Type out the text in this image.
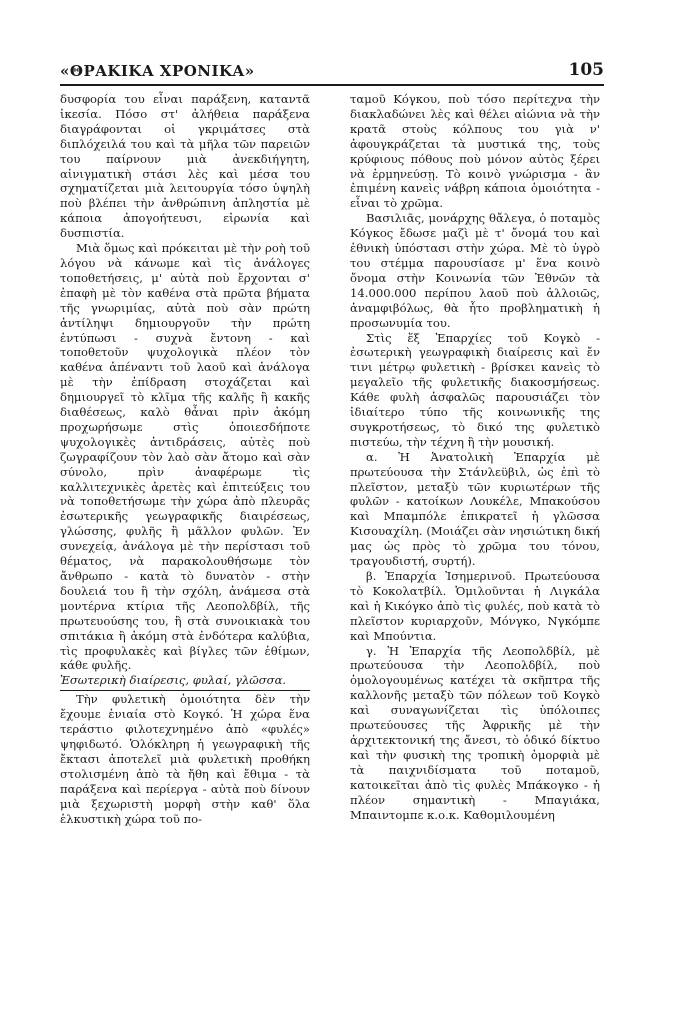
«ΘΡΑΚΙΚΑ ΧΡΟΝΙΚΑ»	105

δυσφορία του εἶναι παράξενη, καταντᾶ ἱκεσία. Πόσο στ' ἀλήθεια παράξενα διαγράφονται οἱ γκριμάτσες στὰ διπλόχειλά του καὶ τὰ μῆλα τῶν παρειῶν του παίρνουν μιὰ ἀνεκδιήγητη, αἰνιγματικὴ στάσι λὲς καὶ μέσα του σχηματίζεται μιὰ λειτουργία τόσο ὑψηλὴ ποὺ βλέπει τὴν ἀνθρώπινη ἀπληστία μὲ κάποια ἀπογοήτευσι, εἰρωνία καὶ δυσπιστία.

Μιὰ ὅμως καὶ πρόκειται μὲ τὴν ροὴ τοῦ λόγου νὰ κάνωμε καὶ τὶς ἀνάλογες τοποθετήσεις, μ' αὐτὰ ποὺ ἔρχονται σ' ἐπαφὴ μὲ τὸν καθένα στὰ πρῶτα βήματα τῆς γνωριμίας, αὐτὰ ποὺ σὰν πρώτη ἀντίληψι δημιουργοῦν τὴν πρώτη ἐντύπωσι - συχνὰ ἔντονη - καὶ τοποθετοῦν ψυχολογικὰ πλέον τὸν καθένα ἀπέναντι τοῦ λαοῦ καὶ ἀνάλογα μὲ τὴν ἐπίδραση στοχάζεται καὶ δημιουργεῖ τὸ κλῖμα τῆς καλῆς ἢ κακῆς διαθέσεως, καλὸ θἆναι πρὶν ἀκόμη προχωρήσωμε στὶς ὁποιεσδήποτε ψυχολογικὲς ἀντιδράσεις, αὐτὲς ποὺ ζωγραφίζουν τὸν λαὸ σὰν ἄτομο καὶ σὰν σύνολο, πρὶν ἀναφέρωμε τὶς καλλιτεχνικὲς ἀρετὲς καὶ ἐπιτεύξεις του νὰ τοποθετήσωμε τὴν χώρα ἀπὸ πλευρᾶς ἐσωτερικῆς γεωγραφικῆς διαιρέσεως, γλώσσης, φυλῆς ἢ μᾶλλον φυλῶν. Ἐν συνεχείᾳ, ἀνάλογα μὲ τὴν περίστασι τοῦ θέματος, νὰ παρακολουθήσωμε τὸν ἄνθρωπο - κατὰ τὸ δυνατὸν - στὴν δουλειά του ἢ τὴν σχόλη, ἀνάμεσα στὰ μοντέρνα κτίρια τῆς Λεοπολδβίλ, τῆς πρωτευούσης του, ἢ στὰ συνοικιακὰ του σπιτάκια ἢ ἀκόμη στὰ ἐνδότερα καλύβια, τὶς προφυλακὲς καὶ βίγλες τῶν ἐθίμων, κάθε φυλῆς.

Ἐσωτερικὴ διαίρεσις, φυλαί, γλῶσσα.

Τὴν φυλετικὴ ὁμοιότητα δὲν τὴν ἔχουμε ἑνιαία στὸ Κογκό. Ἡ χώρα ἕνα τεράστιο φιλοτεχνημένο ἀπὸ «φυλές» ψηφιδωτό. Ὁλόκληρη ἡ γεωγραφικὴ τῆς ἔκτασι ἀποτελεῖ μιὰ φυλετικὴ προθήκη στολισμένη ἀπὸ τὰ ἤθη καὶ ἔθιμα - τὰ παράξενα καὶ περίεργα - αὐτὰ ποὺ δίνουν μιὰ ξεχωριστὴ μορφὴ στὴν καθ' ὅλα ἑλκυστικὴ χώρα τοῦ πο-

ταμοῦ Κόγκου, ποὺ τόσο περίτεχνα τὴν διακλαδώνει λὲς καὶ θέλει αἰώνια νὰ τὴν κρατᾶ στοὺς κόλπους του γιὰ ν' ἀφουγκράζεται τὰ μυστικά της, τοὺς κρύφιους πόθους ποὺ μόνον αὐτὸς ξέρει νὰ ἑρμηνεύσῃ. Τὸ κοινὸ γνώρισμα - ἂν ἐπιμένη κανεὶς νάβρη κάποια ὁμοιότητα - εἶναι τὸ χρῶμα.

Βασιλιᾶς, μονάρχης θἄλεγα, ὁ ποταμὸς Κόγκος ἔδωσε μαζὶ μὲ τ' ὄνομά του καὶ ἐθνικὴ ὑπόστασι στὴν χώρα. Μὲ τὸ ὑγρὸ του στέμμα παρουσίασε μ' ἕνα κοινὸ ὄνομα στὴν Κοινωνία τῶν Ἐθνῶν τὰ 14.000.000 περίπου λαοῦ ποὺ ἀλλοιῶς, ἀναμφιβόλως, θὰ ἦτο προβληματικὴ ἡ προσωνυμία του.

Στὶς ἕξ Ἐπαρχίες τοῦ Κογκὸ - ἐσωτερικὴ γεωγραφικὴ διαίρεσις καὶ ἔν τινι μέτρῳ φυλετικὴ - βρίσκει κανεὶς τὸ μεγαλεῖο τῆς φυλετικῆς διακοσμήσεως. Κάθε φυλὴ ἀσφαλῶς παρουσιάζει τὸν ἰδιαίτερο τύπο τῆς κοινωνικῆς της συγκροτήσεως, τὸ δικό της φυλετικὸ πιστεύω, τὴν τέχνη ἢ τὴν μουσική.

α. Ἡ Ἀνατολικὴ Ἐπαρχία μὲ πρωτεύουσα τὴν Στάνλεϋβιλ, ὡς ἐπὶ τὸ πλεῖστον, μεταξὺ τῶν κυριωτέρων τῆς φυλῶν - κατοίκων Λουκέλε, Μπακούσου καὶ Μπαμπόλε ἐπικρατεῖ ἡ γλῶσσα Κισουαχίλη. (Μοιάζει σὰν νησιώτικη δική μας ὡς πρὸς τὸ χρῶμα του τόνου, τραγουδιστή, συρτή).

β. Ἐπαρχία Ἰσημερινοῦ. Πρωτεύουσα τὸ Κοκολατβίλ. Ὁμιλοῦνται ἡ Λιγκάλα καὶ ἡ Κικόγκο ἀπὸ τὶς φυλές, ποὺ κατὰ τὸ πλεῖστον κυριαρχοῦν, Μόνγκο, Νγκόμπε καὶ Μπούντια.

γ. Ἡ Ἐπαρχία τῆς Λεοπολδβίλ, μὲ πρωτεύουσα τὴν Λεοπολδβίλ, ποὺ ὁμολογουμένως κατέχει τὰ σκῆπτρα τῆς καλλονῆς μεταξὺ τῶν πόλεων τοῦ Κογκὸ καὶ συναγωνίζεται τὶς ὑπόλοιπες πρωτεύουσες τῆς Ἀφρικῆς μὲ τὴν ἀρχιτεκτονική της ἄνεσι, τὸ ὁδικό δίκτυο καὶ τὴν φυσικὴ της τροπικὴ ὁμορφιὰ μὲ τὰ παιχνιδίσματα τοῦ ποταμοῦ, κατοικεῖται ἀπὸ τὶς φυλὲς Μπάκογκο - ἡ πλέον σημαντικὴ - Μπαγιάκα, Μπαιντομπε κ.ο.κ. Καθομιλουμένη
